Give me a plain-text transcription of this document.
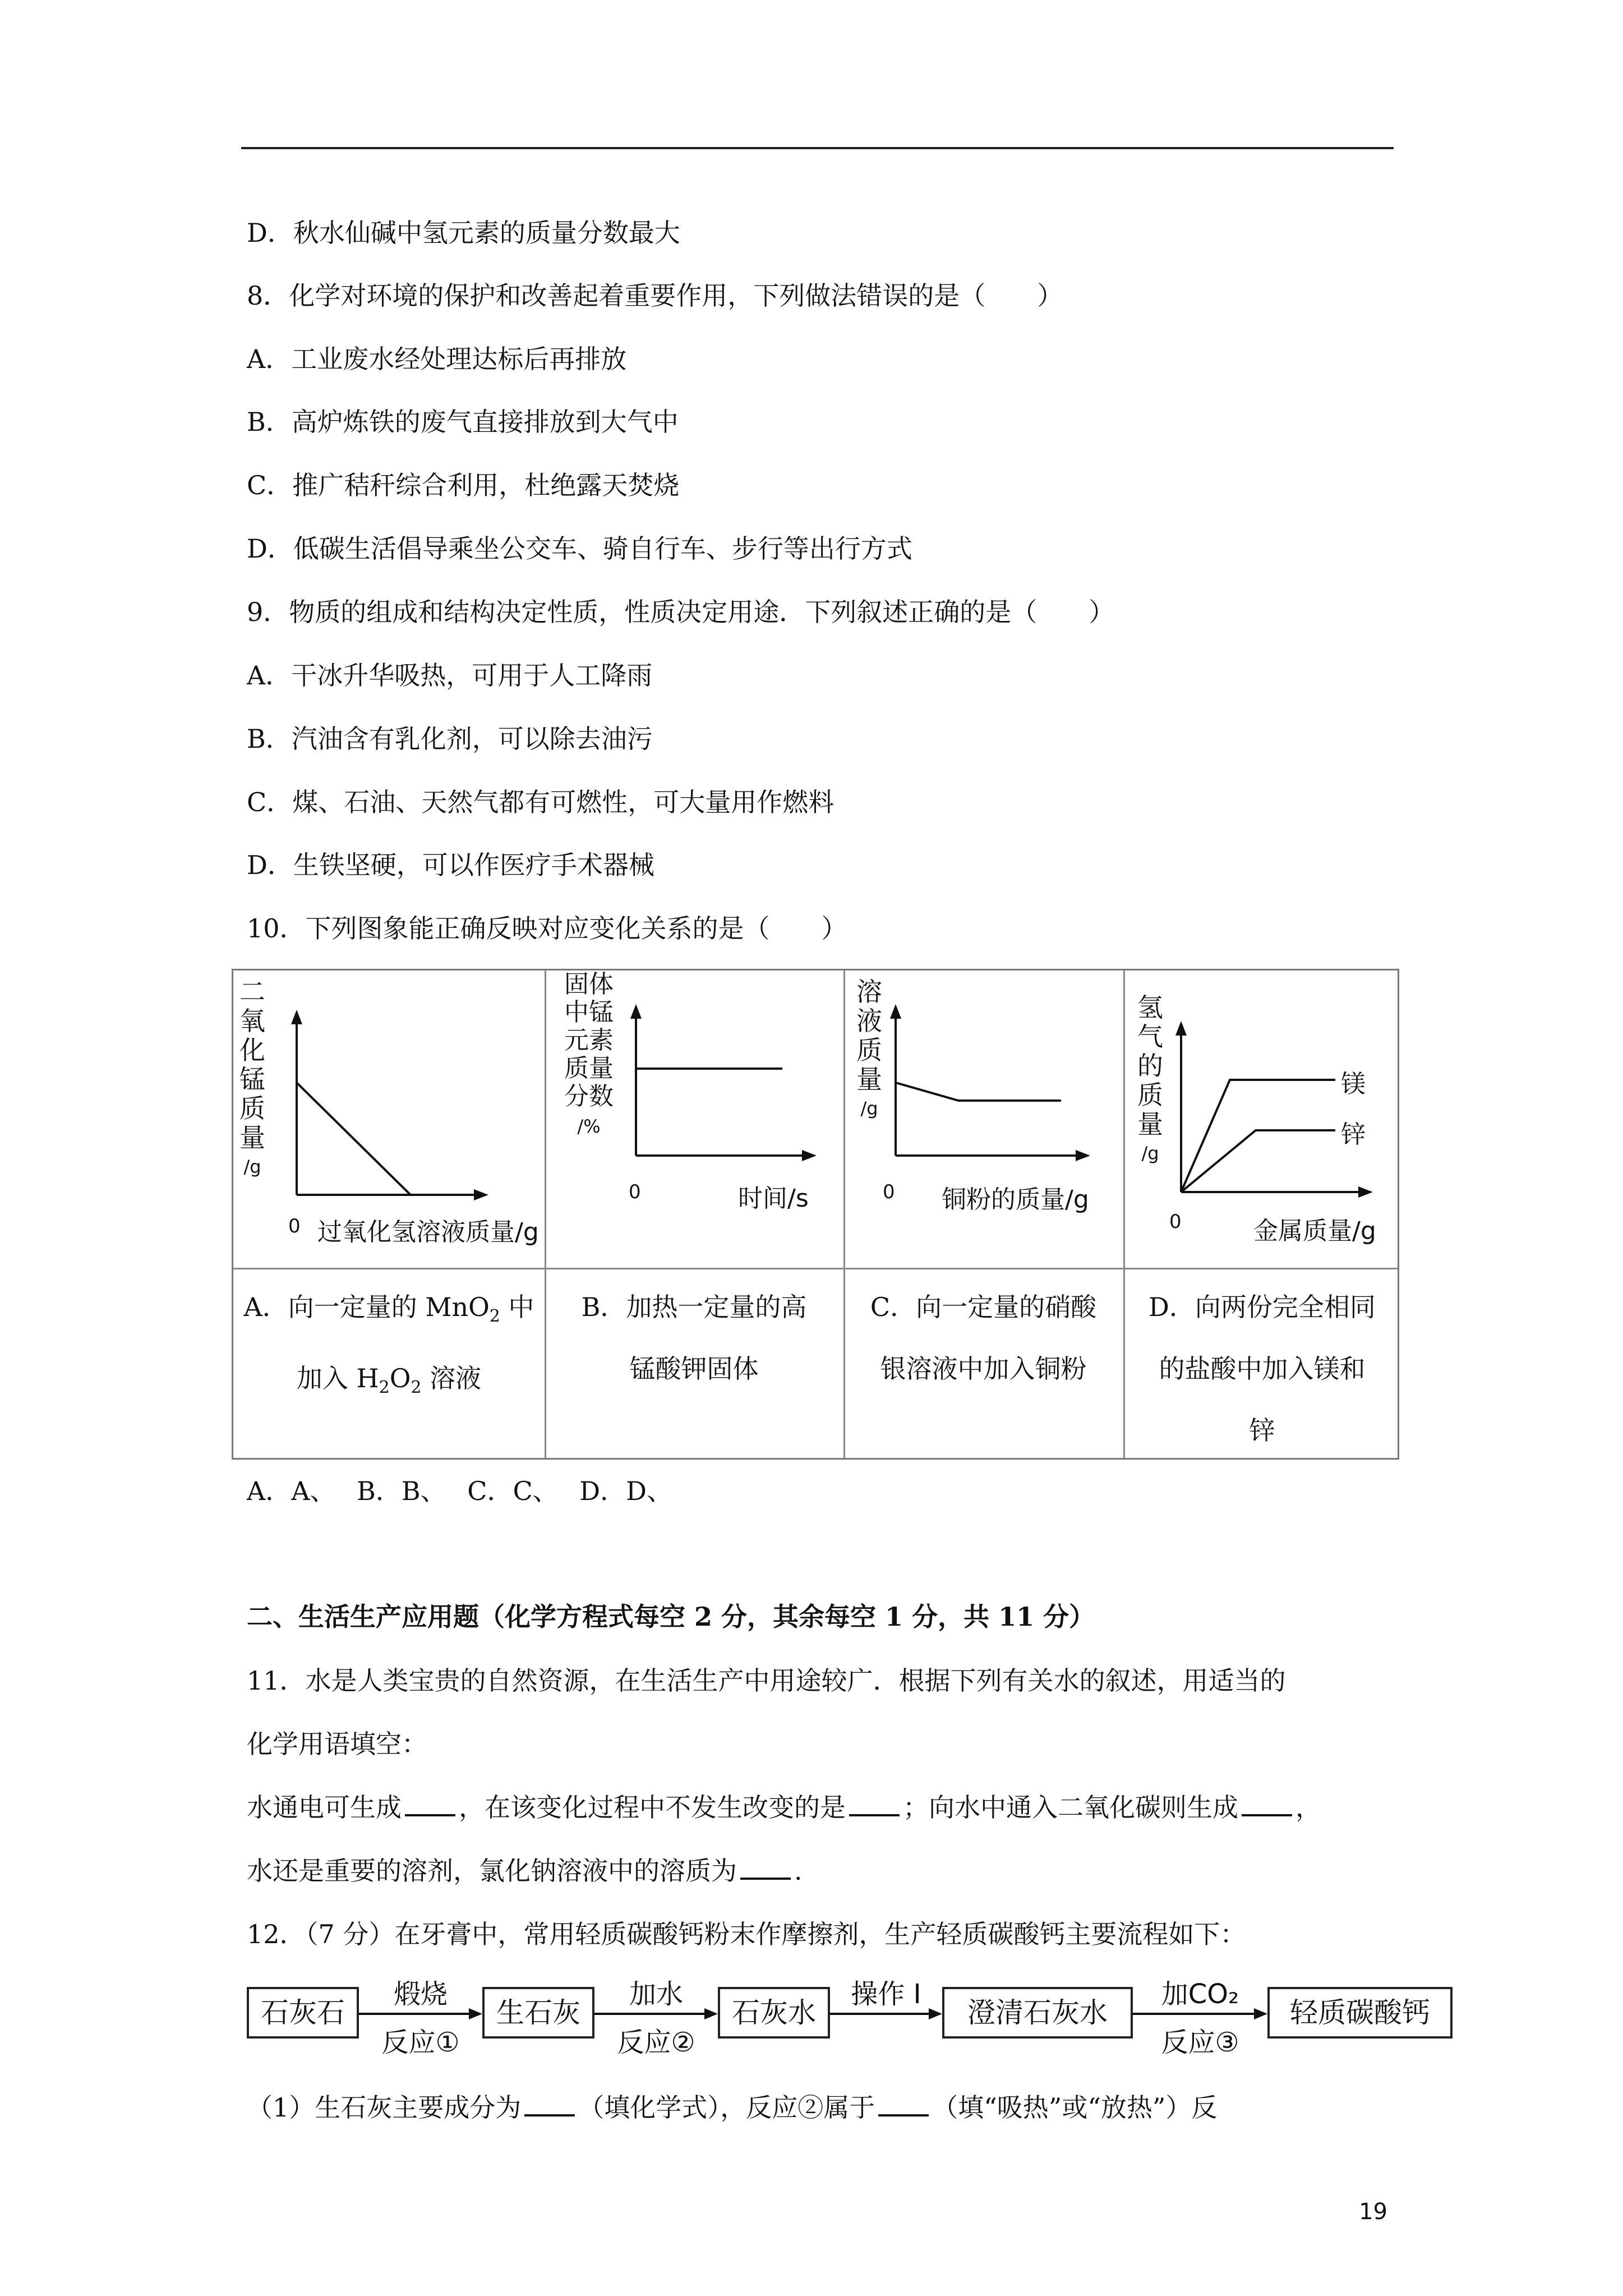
D．秋水仙碱中氢元素的质量分数最大
8．化学对环境的保护和改善起着重要作用，下列做法错误的是（　　）
A．工业废水经处理达标后再排放
B．高炉炼铁的废气直接排放到大气中
C．推广秸秆综合利用，杜绝露天焚烧
D．低碳生活倡导乘坐公交车、骑自行车、步行等出行方式
9．物质的组成和结构决定性质，性质决定用途．下列叙述正确的是（　　）
A．干冰升华吸热，可用于人工降雨
B．汽油含有乳化剂，可以除去油污
C．煤、石油、天然气都有可燃性，可大量用作燃料
D．生铁坚硬，可以作医疗手术器械
10．下列图象能正确反映对应变化关系的是（　　）
二
氧
化
锰
质
量
/g
0 过氧化氢溶液质量/g
A．向一定量的 MnO$_2$ 中
加入 $H_2O_2$ 溶液
固体
中锰
元素
质量
分数
/%
0	时间/s
B．加热一定量的高
锰酸钾固体
溶
液
质
量
/g
0 铜粉的质量/g
C．向一定量的硝酸
银溶液中加入铜粉
氢
气
的
质
量
/g
镁
锌
0	金属质量/g
D．向两份完全相同
的盐酸中加入镁和
锌
A．A、　 B．B、　 C．C、　 D．D、
二、生活生产应用题（化学方程式每空 2 分，其余每空 1 分，共 11 分）
11．水是人类宝贵的自然资源，在生活生产中用途较广．根据下列有关水的叙述，用适当的
化学用语填空：
水通电可生成 ，在该变化过程中不发生改变的是 ；向水中通入二氧化碳则生成 ，
水还是重要的溶剂，氯化钠溶液中的溶质为 .
12．（7 分）在牙膏中，常用轻质碳酸钙粉末作摩擦剂，生产轻质碳酸钙主要流程如下：
石灰石
煅烧
反应①
生石灰
加水
反应②
石灰水
操作 I
澄清石灰水
加CO₂
反应③
轻质碳酸钙
（1）生石灰主要成分为 （填化学式），反应②属于 （填“吸热”或“放热”）反
19
